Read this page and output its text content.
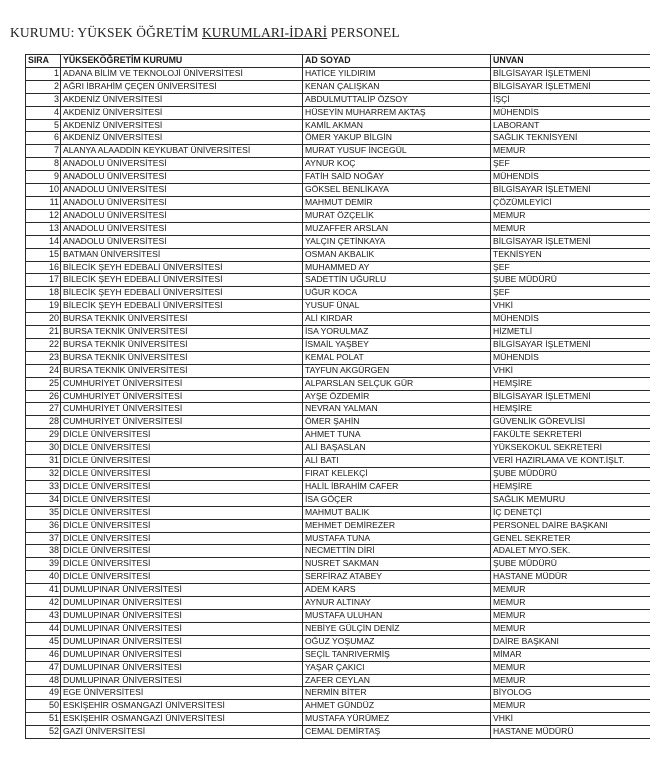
KURUMU: YÜKSEK ÖĞRETİM KURUMLARI-İDARİ PERSONEL
SIRA	YÜKSEKÖĞRETİM KURUMU	AD SOYAD	UNVAN
1	ADANA BİLİM VE TEKNOLOJİ ÜNİVERSİTESİ	HATİCE YILDIRIM	BİLGİSAYAR İŞLETMENİ
2	AĞRI İBRAHİM ÇEÇEN ÜNİVERSİTESİ	KENAN ÇALIŞKAN	BİLGİSAYAR İŞLETMENİ
3	AKDENİZ ÜNİVERSİTESİ	ABDULMUTTALİP ÖZSOY	İŞÇİ
4	AKDENİZ ÜNİVERSİTESİ	HÜSEYİN MUHARREM AKTAŞ	MÜHENDİS
5	AKDENİZ ÜNİVERSİTESİ	KAMİL AKMAN	LABORANT
6	AKDENİZ ÜNİVERSİTESİ	ÖMER YAKUP BİLGİN	SAĞLIK TEKNİSYENİ
7	ALANYA ALAADDİN KEYKUBAT ÜNİVERSİTESİ	MURAT YUSUF İNCEGÜL	MEMUR
8	ANADOLU ÜNİVERSİTESİ	AYNUR KOÇ	ŞEF
9	ANADOLU ÜNİVERSİTESİ	FATİH SAİD NOĞAY	MÜHENDİS
10	ANADOLU ÜNİVERSİTESİ	GÖKSEL BENLİKAYA	BİLGİSAYAR İŞLETMENİ
11	ANADOLU ÜNİVERSİTESİ	MAHMUT DEMİR	ÇÖZÜMLEYİCİ
12	ANADOLU ÜNİVERSİTESİ	MURAT ÖZÇELİK	MEMUR
13	ANADOLU ÜNİVERSİTESİ	MUZAFFER ARSLAN	MEMUR
14	ANADOLU ÜNİVERSİTESİ	YALÇIN ÇETİNKAYA	BİLGİSAYAR İŞLETMENİ
15	BATMAN ÜNİVERSİTESİ	OSMAN AKBALIK	TEKNİSYEN
16	BİLECİK ŞEYH EDEBALİ ÜNİVERSİTESİ	MUHAMMED AY	ŞEF
17	BİLECİK ŞEYH EDEBALİ ÜNİVERSİTESİ	SADETTİN UĞURLU	ŞUBE MÜDÜRÜ
18	BİLECİK ŞEYH EDEBALİ ÜNİVERSİTESİ	UĞUR KOCA	ŞEF
19	BİLECİK ŞEYH EDEBALİ ÜNİVERSİTESİ	YUSUF ÜNAL	VHKİ
20	BURSA TEKNİK ÜNİVERSİTESİ	ALİ KIRDAR	MÜHENDİS
21	BURSA TEKNİK ÜNİVERSİTESİ	İSA YORULMAZ	HİZMETLİ
22	BURSA TEKNİK ÜNİVERSİTESİ	İSMAİL YAŞBEY	BİLGİSAYAR İŞLETMENİ
23	BURSA TEKNİK ÜNİVERSİTESİ	KEMAL POLAT	MÜHENDİS
24	BURSA TEKNİK ÜNİVERSİTESİ	TAYFUN AKGÜRGEN	VHKİ
25	CUMHURİYET ÜNİVERSİTESİ	ALPARSLAN SELÇUK GÜR	HEMŞİRE
26	CUMHURİYET ÜNİVERSİTESİ	AYŞE ÖZDEMİR	BİLGİSAYAR İŞLETMENİ
27	CUMHURİYET ÜNİVERSİTESİ	NEVRAN YALMAN	HEMŞİRE
28	CUMHURİYET ÜNİVERSİTESİ	ÖMER ŞAHİN	GÜVENLİK GÖREVLİSİ
29	DİCLE ÜNİVERSİTESİ	AHMET TUNA	FAKÜLTE SEKRETERİ
30	DİCLE ÜNİVERSİTESİ	ALİ BAŞASLAN	YÜKSEKOKUL SEKRETERİ
31	DİCLE ÜNİVERSİTESİ	ALİ BATI	VERİ HAZIRLAMA VE KONT.İŞLT.
32	DİCLE ÜNİVERSİTESİ	FIRAT KELEKÇİ	ŞUBE MÜDÜRÜ
33	DİCLE ÜNİVERSİTESİ	HALİL İBRAHİM CAFER	HEMŞİRE
34	DİCLE ÜNİVERSİTESİ	İSA GÖÇER	SAĞLIK MEMURU
35	DİCLE ÜNİVERSİTESİ	MAHMUT BALIK	İÇ DENETÇİ
36	DİCLE ÜNİVERSİTESİ	MEHMET DEMİREZER	PERSONEL DAİRE BAŞKANI
37	DİCLE ÜNİVERSİTESİ	MUSTAFA TUNA	GENEL SEKRETER
38	DİCLE ÜNİVERSİTESİ	NECMETTİN DİRİ	ADALET MYO.SEK.
39	DİCLE ÜNİVERSİTESİ	NUSRET SAKMAN	ŞUBE MÜDÜRÜ
40	DİCLE ÜNİVERSİTESİ	SERFİRAZ ATABEY	HASTANE MÜDÜR
41	DUMLUPINAR ÜNİVERSİTESİ	ADEM KARS	MEMUR
42	DUMLUPINAR ÜNİVERSİTESİ	AYNUR ALTINAY	MEMUR
43	DUMLUPINAR ÜNİVERSİTESİ	MUSTAFA ULUHAN	MEMUR
44	DUMLUPINAR ÜNİVERSİTESİ	NEBİYE GÜLÇİN DENİZ	MEMUR
45	DUMLUPINAR ÜNİVERSİTESİ	OĞUZ YOŞUMAZ	DAİRE BAŞKANI
46	DUMLUPINAR ÜNİVERSİTESİ	SEÇİL TANRIVERMİŞ	MİMAR
47	DUMLUPINAR ÜNİVERSİTESİ	YAŞAR ÇAKICI	MEMUR
48	DUMLUPINAR ÜNİVERSİTESİ	ZAFER CEYLAN	MEMUR
49	EGE ÜNİVERSİTESİ	NERMİN BİTER	BİYOLOG
50	ESKİŞEHİR OSMANGAZİ ÜNİVERSİTESİ	AHMET GÜNDÜZ	MEMUR
51	ESKİŞEHİR OSMANGAZİ ÜNİVERSİTESİ	MUSTAFA YÜRÜMEZ	VHKİ
52	GAZİ ÜNİVERSİTESİ	CEMAL DEMİRTAŞ	HASTANE MÜDÜRÜ
